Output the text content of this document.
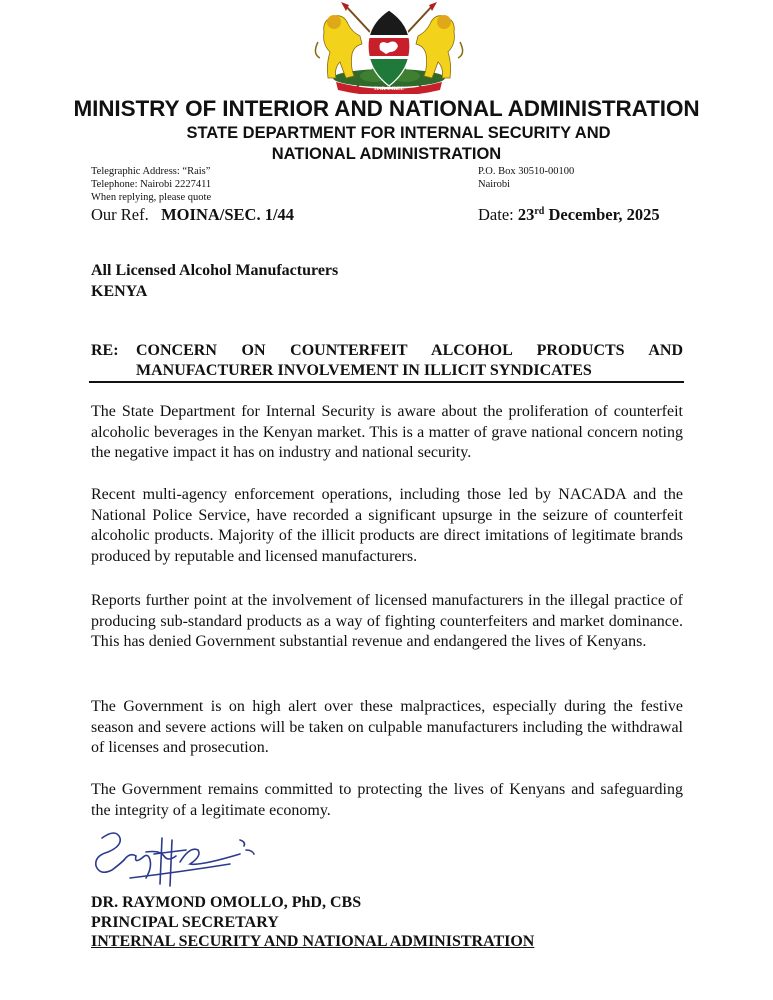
HARAMBEE
MINISTRY OF INTERIOR AND NATIONAL ADMINISTRATION
STATE DEPARTMENT FOR INTERNAL SECURITY AND
NATIONAL ADMINISTRATION
Telegraphic Address: “Rais”
Telephone: Nairobi 2227411
When replying, please quote
P.O. Box 30510-00100
Nairobi
Our Ref. MOINA/SEC. 1/44	Date: 23rd December, 2025
All Licensed Alcohol Manufacturers
KENYA
RE:	CONCERN ON COUNTERFEIT ALCOHOL PRODUCTS AND
MANUFACTURER INVOLVEMENT IN ILLICIT SYNDICATES
The State Department for Internal Security is aware about the proliferation of counterfeit alcoholic beverages in the Kenyan market. This is a matter of grave national concern noting the negative impact it has on industry and national security.
Recent multi-agency enforcement operations, including those led by NACADA and the National Police Service, have recorded a significant upsurge in the seizure of counterfeit alcoholic products. Majority of the illicit products are direct imitations of legitimate brands produced by reputable and licensed manufacturers.
Reports further point at the involvement of licensed manufacturers in the illegal practice of producing sub-standard products as a way of fighting counterfeiters and market dominance. This has denied Government substantial revenue and endangered the lives of Kenyans.
The Government is on high alert over these malpractices, especially during the festive season and severe actions will be taken on culpable manufacturers including the withdrawal of licenses and prosecution.
The Government remains committed to protecting the lives of Kenyans and safeguarding the integrity of a legitimate economy.
DR. RAYMOND OMOLLO, PhD, CBS
PRINCIPAL SECRETARY
INTERNAL SECURITY AND NATIONAL ADMINISTRATION
